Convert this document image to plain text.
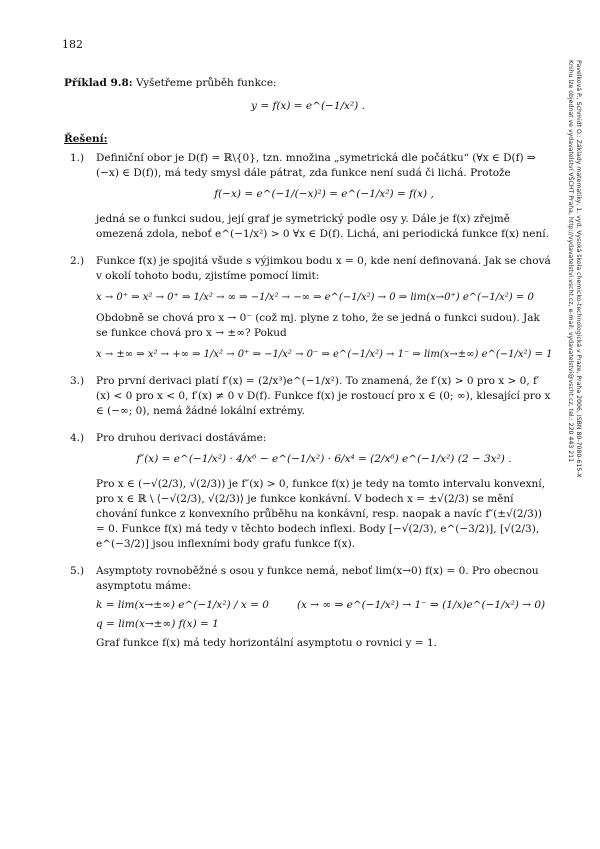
182
Pavelková P., Schmidt O.: Základy matematiky, 1. vyd. Vysoká škola chemicko-technologická v Praze, Praha 2006, ISBN 80-7080-615-X
Knihu lze objednat ve vydavatelství VŠCHT Praha, http://vydavatelstvi.vscht.cz, e-mail: vydavatelstvi@vscht.cz, tel.: 220 443 211
Příklad 9.8: Vyšetřeme průběh funkce:
y = f(x) = e^(−1/x²) .
Řešení:
1.) Definiční obor je D(f) = ℝ\{0}, tzn. množina „symetrická dle počátku“ (∀x ∈ D(f) ⇒ (−x) ∈ D(f)), má tedy smysl dále pátrat, zda funkce není sudá či lichá. Protože
f(−x) = e^(−1/(−x)²) = e^(−1/x²) = f(x) ,
jedná se o funkci sudou, její graf je symetrický podle osy y. Dále je f(x) zřejmě omezená zdola, neboť e^(−1/x²) > 0 ∀x ∈ D(f). Lichá, ani periodická funkce f(x) není.
2.) Funkce f(x) je spojitá všude s výjimkou bodu x = 0, kde není definovaná. Jak se chová v okolí tohoto bodu, zjistíme pomocí limit:
x → 0⁺ ⇒ x² → 0⁺ ⇒ 1/x² → ∞ ⇒ −1/x² → −∞ ⇒ e^(−1/x²) → 0 ⇒ lim(x→0⁺) e^(−1/x²) = 0
Obdobně se chová pro x → 0⁻ (což mj. plyne z toho, že se jedná o funkci sudou). Jak se funkce chová pro x → ±∞? Pokud
x → ±∞ ⇒ x² → +∞ ⇒ 1/x² → 0⁺ ⇒ −1/x² → 0⁻ ⇒ e^(−1/x²) → 1⁻ ⇒ lim(x→±∞) e^(−1/x²) = 1
3.) Pro první derivaci platí f′(x) = (2/x³)e^(−1/x²). To znamená, že f′(x) > 0 pro x > 0, f′(x) < 0 pro x < 0, f′(x) ≠ 0 v D(f). Funkce f(x) je rostoucí pro x ∈ (0; ∞), klesající pro x ∈ (−∞; 0), nemá žádné lokální extrémy.
4.) Pro druhou derivaci dostáváme:
f″(x) = e^(−1/x²) · 4/x⁶ − e^(−1/x²) · 6/x⁴ = (2/x⁶) e^(−1/x²) (2 − 3x²) .
Pro x ∈ (−√(2/3), √(2/3)) je f″(x) > 0, funkce f(x) je tedy na tomto intervalu konvexní, pro x ∈ ℝ \ ⟨−√(2/3), √(2/3)⟩ je funkce konkávní. V bodech x = ±√(2/3) se mění chování funkce z konvexního průběhu na konkávní, resp. naopak a navíc f″(±√(2/3)) = 0. Funkce f(x) má tedy v těchto bodech inflexi. Body [−√(2/3), e^(−3/2)], [√(2/3), e^(−3/2)] jsou inflexními body grafu funkce f(x).
5.) Asymptoty rovnoběžné s osou y funkce nemá, neboť lim(x→0) f(x) = 0. Pro obecnou asymptotu máme:
k = lim(x→±∞) e^(−1/x²) / x = 0	(x → ∞ ⇒ e^(−1/x²) → 1⁻ ⇒ (1/x)e^(−1/x²) → 0)
q = lim(x→±∞) f(x) = 1
Graf funkce f(x) má tedy horizontální asymptotu o rovnici y = 1.
